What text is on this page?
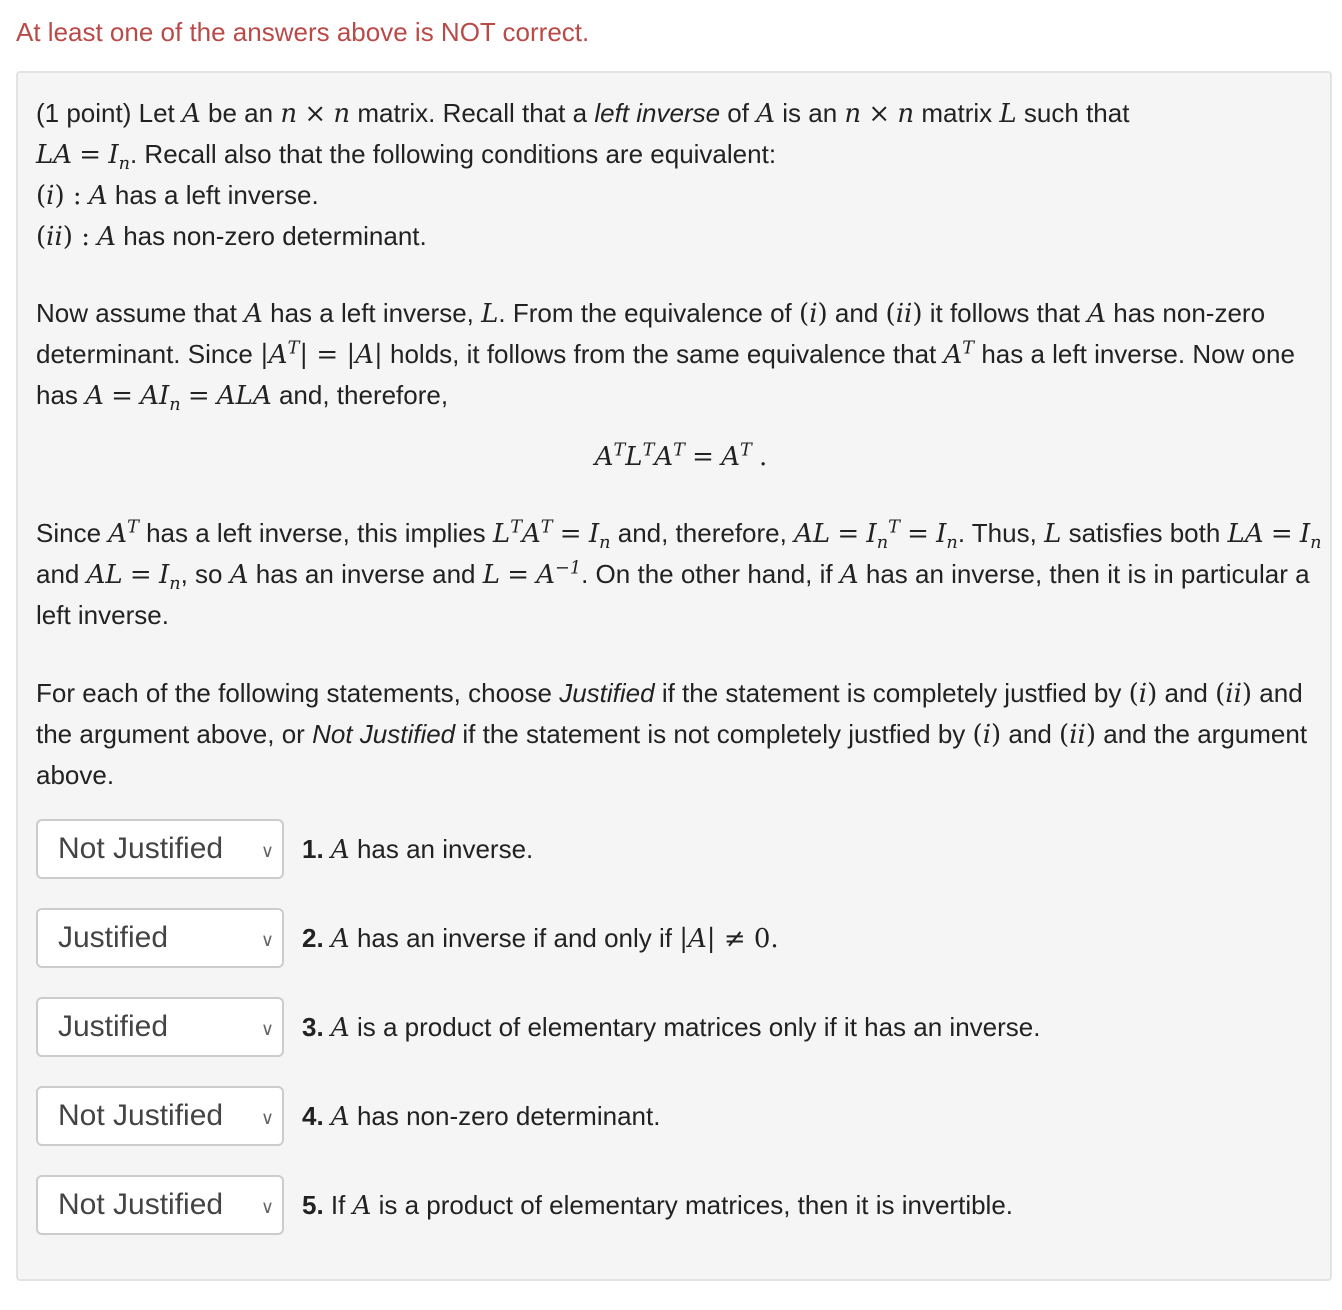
At least one of the answers above is NOT correct.

(1 point) Let A be an n × n matrix. Recall that a left inverse of A is an n × n matrix L such that
LA = $I_n$. Recall also that the following conditions are equivalent:
(i) : A has a left inverse.
(ii) : A has non-zero determinant.

Now assume that A has a left inverse, L. From the equivalence of (i) and (ii) it follows that A has non-zero determinant. Since $|A^T| = |A|$ holds, it follows from the same equivalence that $A^T$ has a left inverse. Now one has $A = AI_n$ = ALA and, therefore,

$A^TL^TA^T = A^T$ .

Since $A^T$ has a left inverse, this implies $L^TA^T = I_n$ and, therefore, AL = $I_n^T = I_n$. Thus, L satisfies both LA = $I_n$ and AL = $I_n$, so A has an inverse and $L = A^{-1}$. On the other hand, if A has an inverse, then it is in particular a left inverse.

For each of the following statements, choose Justified if the statement is completely justfied by (i) and (ii) and the argument above, or Not Justified if the statement is not completely justfied by (i) and (ii) and the argument above.

Not Justified ∨ 1. A has an inverse.
Justified	∨ 2. A has an inverse if and only if |A| ≠ 0.
Justified	∨ 3. A is a product of elementary matrices only if it has an inverse.
Not Justified ∨ 4. A has non-zero determinant.
Not Justified ∨ 5. If A is a product of elementary matrices, then it is invertible.
